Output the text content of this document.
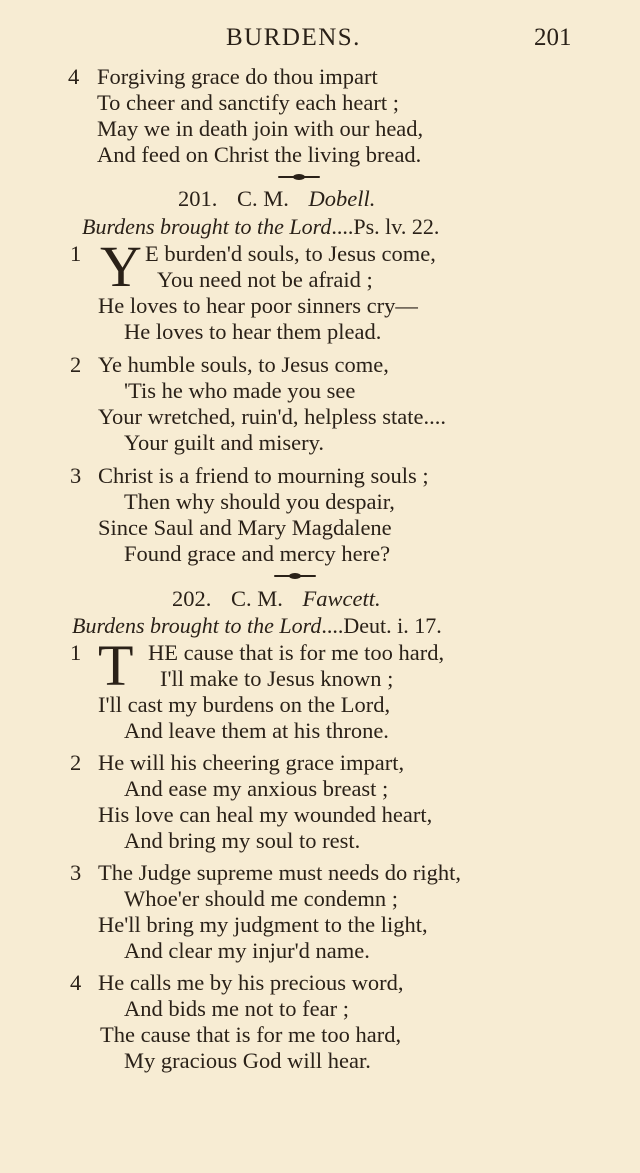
BURDENS.	201
4 Forgiving grace do thou impart
To cheer and sanctify each heart ;
May we in death join with our head,
And feed on Christ the living bread.
201. C. M. Dobell.
Burdens brought to the Lord....Ps. lv. 22.
1 Y E burden'd souls, to Jesus come,
You need not be afraid ;
He loves to hear poor sinners cry—
He loves to hear them plead.
2 Ye humble souls, to Jesus come,
'Tis he who made you see
Your wretched, ruin'd, helpless state....
Your guilt and misery.
3 Christ is a friend to mourning souls ;
Then why should you despair,
Since Saul and Mary Magdalene
Found grace and mercy here?
202. C. M. Fawcett.
Burdens brought to the Lord....Deut. i. 17.
1 T HE cause that is for me too hard,
I'll make to Jesus known ;
I'll cast my burdens on the Lord,
And leave them at his throne.
2 He will his cheering grace impart,
And ease my anxious breast ;
His love can heal my wounded heart,
And bring my soul to rest.
3 The Judge supreme must needs do right,
Whoe'er should me condemn ;
He'll bring my judgment to the light,
And clear my injur'd name.
4 He calls me by his precious word,
And bids me not to fear ;
The cause that is for me too hard,
My gracious God will hear.
